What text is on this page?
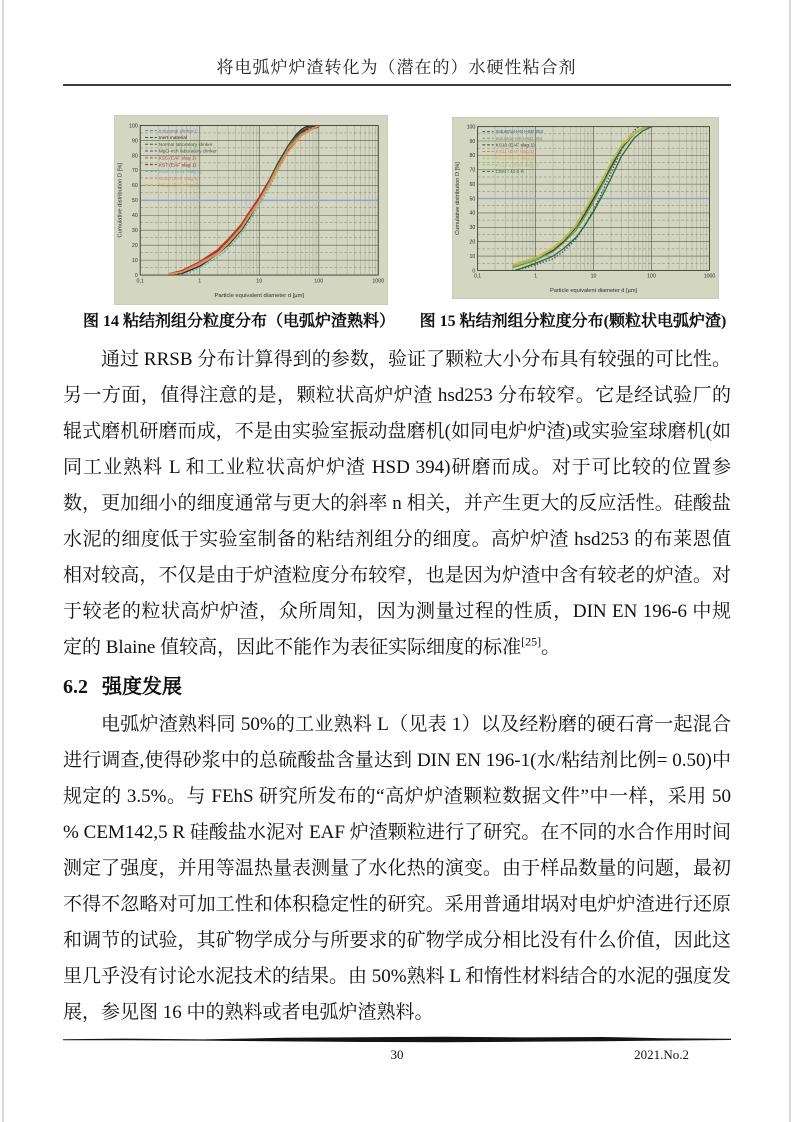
将电弧炉炉渣转化为（潜在的）水硬性粘合剂
0
10
20
30
40
50
60
70
80
90
100
0,1	1	10	100	1000
Particle equivalent diameter d [µm]
Cumulative distribution D [%]
Industrial clinker L
Inert material
Normal laboratory clinker
MgO-rich laboratory clinker
KS5 (EAF slag 1)
KS7 (EAF slag 1)
KS9 -3 (EAF slag 1)
KS20 (EAF slag 1)
KS21 (EAF slag 2)
0
10
20
30
40
50
60
70
80
90
100
0,1	1	10	100	1000
Particle equivalent diameter d [µm]
Cumulative distribution D [%]
Industrial-HS HSD 253
Industrie-HS HSD 394
KS10 (EAF slag 1)
KS11 (EAF slag 1)
KS12 (EAF slag 1)
KS13-2 (EAF slag 1)
CEM I 42.5 R
图 14 粘结剂组分粒度分布（电弧炉渣熟料）	图 15 粘结剂组分粒度分布(颗粒状电弧炉渣)

通过 RRSB 分布计算得到的参数，验证了颗粒大小分布具有较强的可比性。另一方面，值得注意的是，颗粒状高炉炉渣 hsd253 分布较窄。它是经试验厂的辊式磨机研磨而成，不是由实验室振动盘磨机(如同电炉炉渣)或实验室球磨机(如同工业熟料 L 和工业粒状高炉炉渣 HSD 394)研磨而成。对于可比较的位置参数，更加细小的细度通常与更大的斜率 n 相关，并产生更大的反应活性。硅酸盐水泥的细度低于实验室制备的粘结剂组分的细度。高炉炉渣 hsd253 的布莱恩值相对较高，不仅是由于炉渣粒度分布较窄，也是因为炉渣中含有较老的炉渣。对于较老的粒状高炉炉渣，众所周知，因为测量过程的性质，DIN EN 196-6 中规定的 Blaine 值较高，因此不能作为表征实际细度的标准[25]。

6.2 强度发展

电弧炉渣熟料同 50%的工业熟料 L（见表 1）以及经粉磨的硬石膏一起混合进行调查,使得砂浆中的总硫酸盐含量达到 DIN EN 196-1(水/粘结剂比例= 0.50)中规定的 3.5%。与 FEhS 研究所发布的“高炉炉渣颗粒数据文件”中一样，采用 50 % CEM142,5 R 硅酸盐水泥对 EAF 炉渣颗粒进行了研究。在不同的水合作用时间测定了强度，并用等温热量表测量了水化热的演变。由于样品数量的问题，最初不得不忽略对可加工性和体积稳定性的研究。采用普通坩埚对电炉炉渣进行还原和调节的试验，其矿物学成分与所要求的矿物学成分相比没有什么价值，因此这里几乎没有讨论水泥技术的结果。由 50%熟料 L 和惰性材料结合的水泥的强度发展，参见图 16 中的熟料或者电弧炉渣熟料。

30	2021.No.2
